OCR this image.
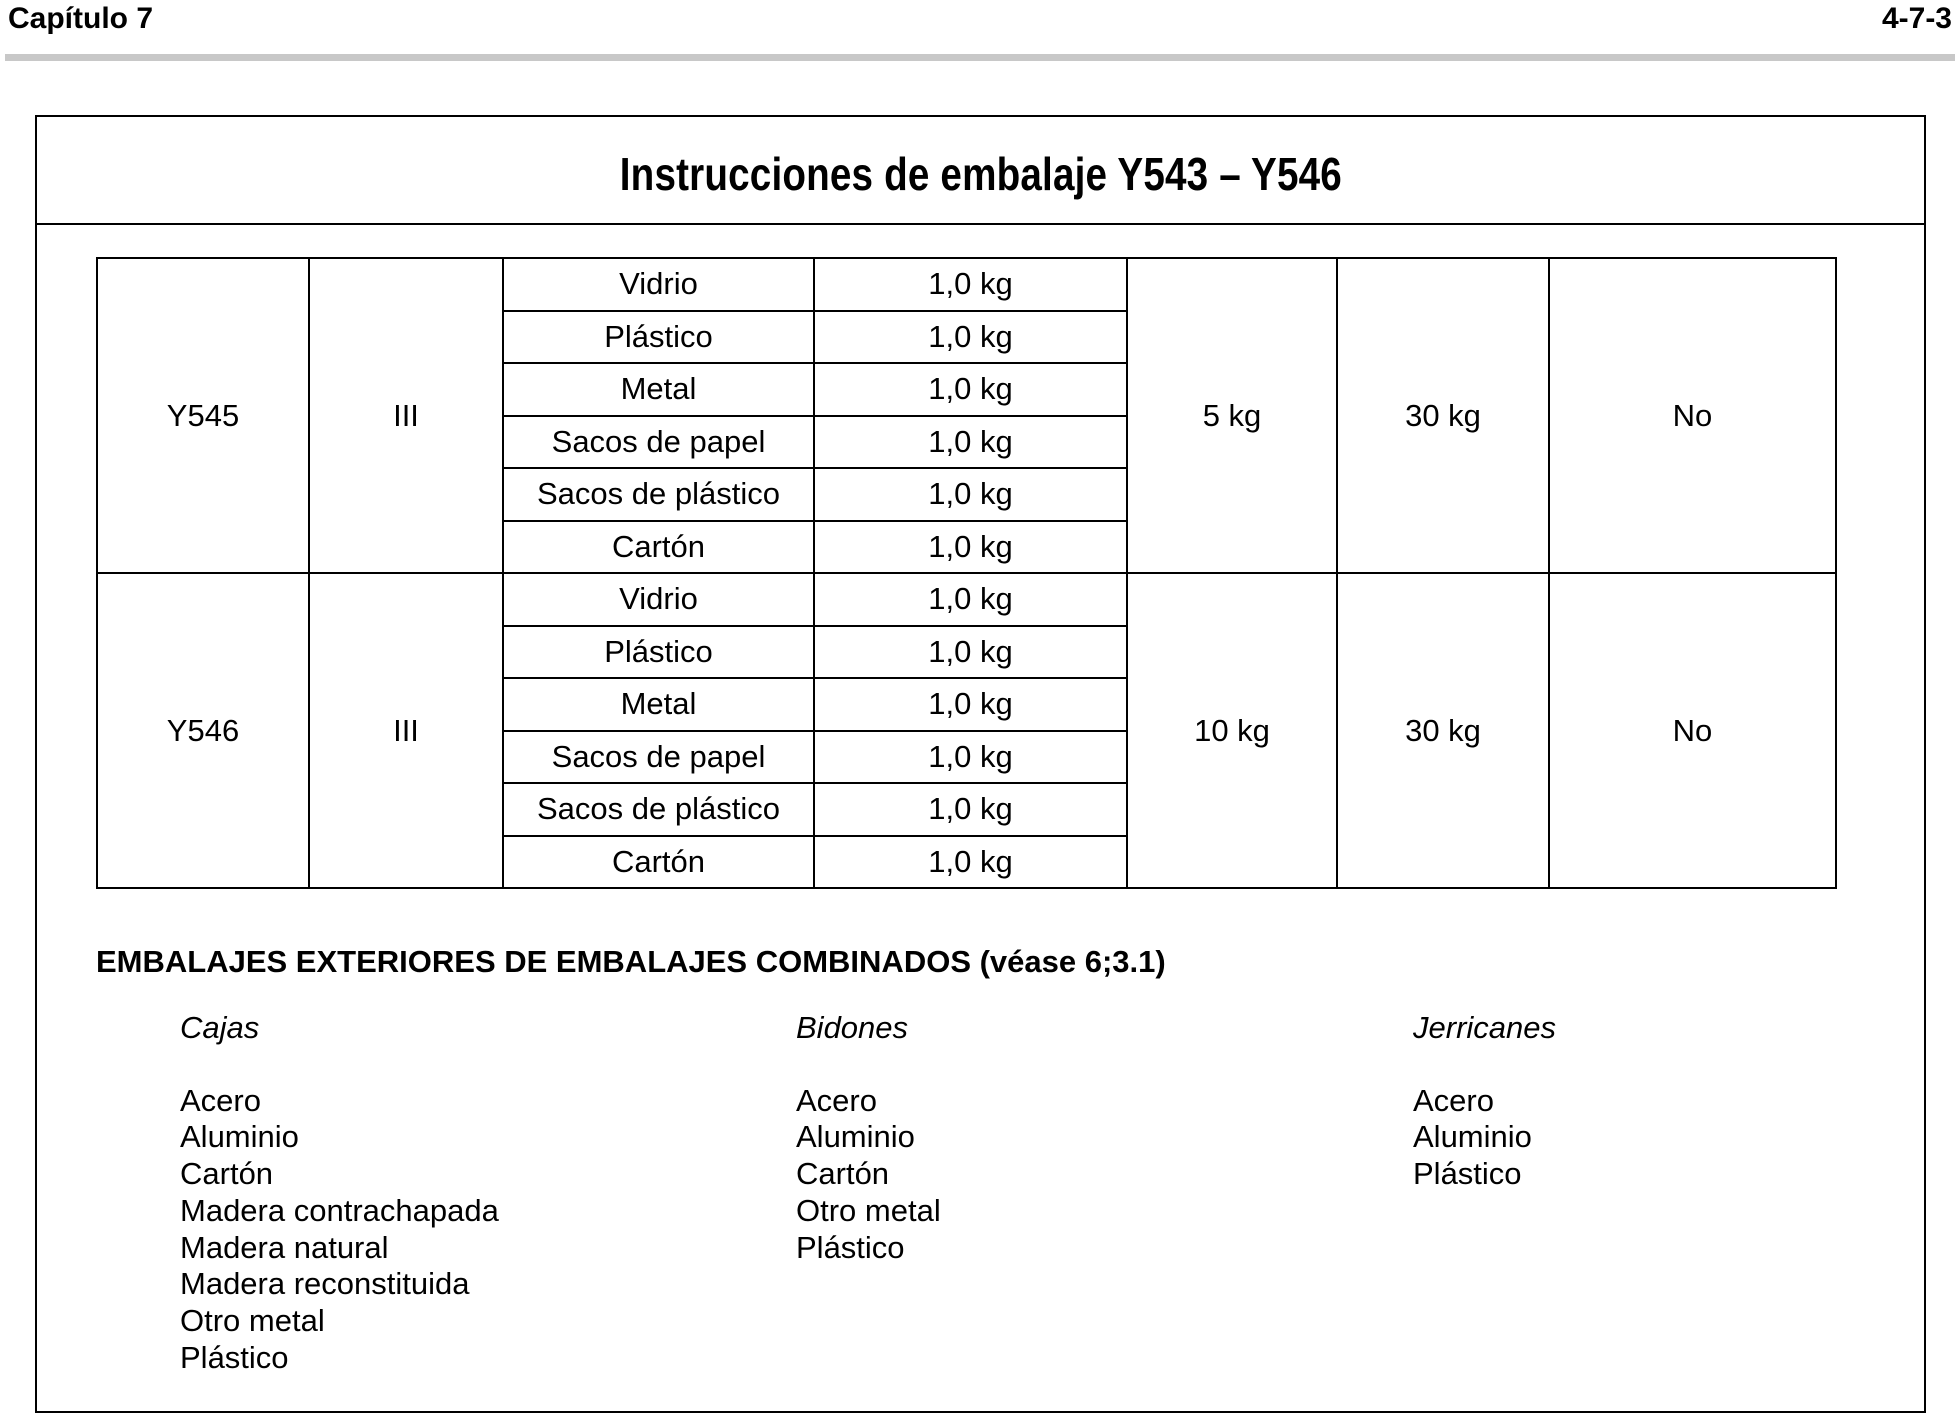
Capítulo 7	4-7-3
Instrucciones de embalaje Y543 – Y546
Y545	III	Vidrio	1,0 kg	5 kg	30 kg	No
		Plástico	1,0 kg			
		Metal	1,0 kg			
		Sacos de papel	1,0 kg			
		Sacos de plástico	1,0 kg			
		Cartón	1,0 kg			
Y546	III	Vidrio	1,0 kg	10 kg	30 kg	No
		Plástico	1,0 kg			
		Metal	1,0 kg			
		Sacos de papel	1,0 kg			
		Sacos de plástico	1,0 kg			
		Cartón	1,0 kg			
EMBALAJES EXTERIORES DE EMBALAJES COMBINADOS (véase 6;3.1)
Cajas
Acero
Aluminio
Cartón
Madera contrachapada
Madera natural
Madera reconstituida
Otro metal
Plástico
Bidones
Acero
Aluminio
Cartón
Otro metal
Plástico
Jerricanes
Acero
Aluminio
Plástico
